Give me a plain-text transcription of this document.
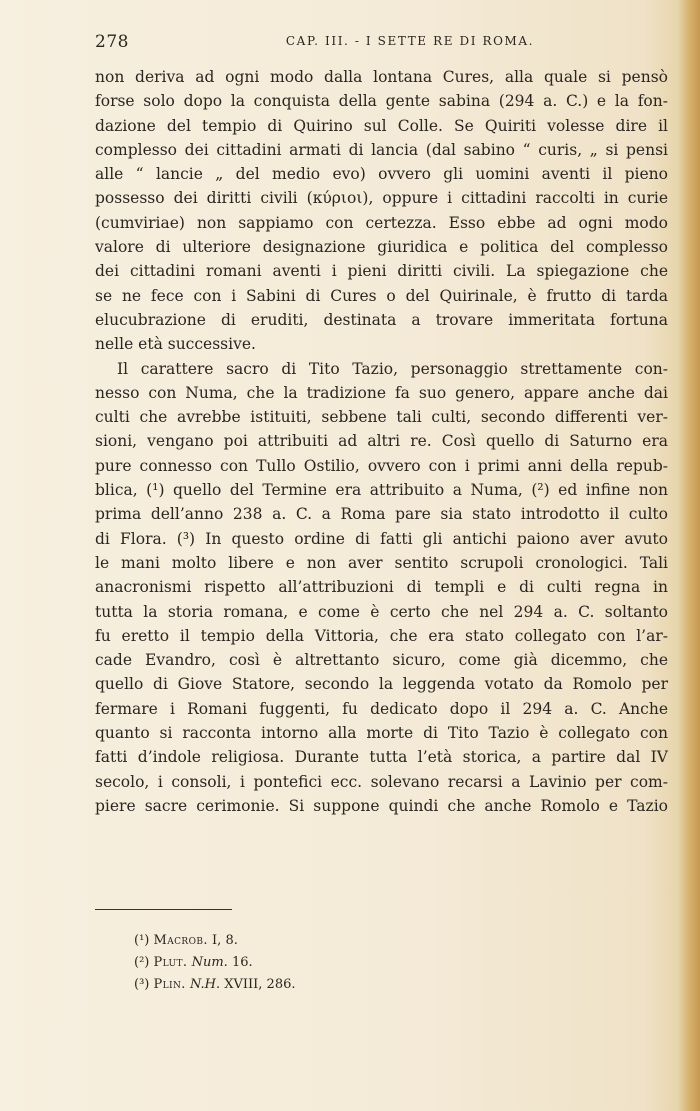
278	CAP. III. - I SETTE RE DI ROMA.
non deriva ad ogni modo dalla lontana Cures, alla quale si pensò
forse solo dopo la conquista della gente sabina (294 a. C.) e la fon-
dazione del tempio di Quirino sul Colle. Se Quiriti volesse dire il
complesso dei cittadini armati di lancia (dal sabino “ curis, „ si pensi
alle “ lancie „ del medio evo) ovvero gli uomini aventi il pieno
possesso dei diritti civili (κύριοι), oppure i cittadini raccolti in curie
(cumviriae) non sappiamo con certezza. Esso ebbe ad ogni modo
valore di ulteriore designazione giuridica e politica del complesso
dei cittadini romani aventi i pieni diritti civili. La spiegazione che
se ne fece con i Sabini di Cures o del Quirinale, è frutto di tarda
elucubrazione di eruditi, destinata a trovare immeritata fortuna
nelle età successive.
Il carattere sacro di Tito Tazio, personaggio strettamente con-
nesso con Numa, che la tradizione fa suo genero, appare anche dai
culti che avrebbe istituiti, sebbene tali culti, secondo differenti ver-
sioni, vengano poi attribuiti ad altri re. Così quello di Saturno era
pure connesso con Tullo Ostilio, ovvero con i primi anni della repub-
blica, (¹) quello del Termine era attribuito a Numa, (²) ed infine non
prima dell’anno 238 a. C. a Roma pare sia stato introdotto il culto
di Flora. (³) In questo ordine di fatti gli antichi paiono aver avuto
le mani molto libere e non aver sentito scrupoli cronologici. Tali
anacronismi rispetto all’attribuzioni di templi e di culti regna in
tutta la storia romana, e come è certo che nel 294 a. C. soltanto
fu eretto il tempio della Vittoria, che era stato collegato con l’ar-
cade Evandro, così è altrettanto sicuro, come già dicemmo, che
quello di Giove Statore, secondo la leggenda votato da Romolo per
fermare i Romani fuggenti, fu dedicato dopo il 294 a. C. Anche
quanto si racconta intorno alla morte di Tito Tazio è collegato con
fatti d’indole religiosa. Durante tutta l’età storica, a partire dal IV
secolo, i consoli, i pontefici ecc. solevano recarsi a Lavinio per com-
piere sacre cerimonie. Si suppone quindi che anche Romolo e Tazio
(¹) Macrob. I, 8.
(²) Plut. Num. 16.
(³) Plin. N.H. XVIII, 286.
